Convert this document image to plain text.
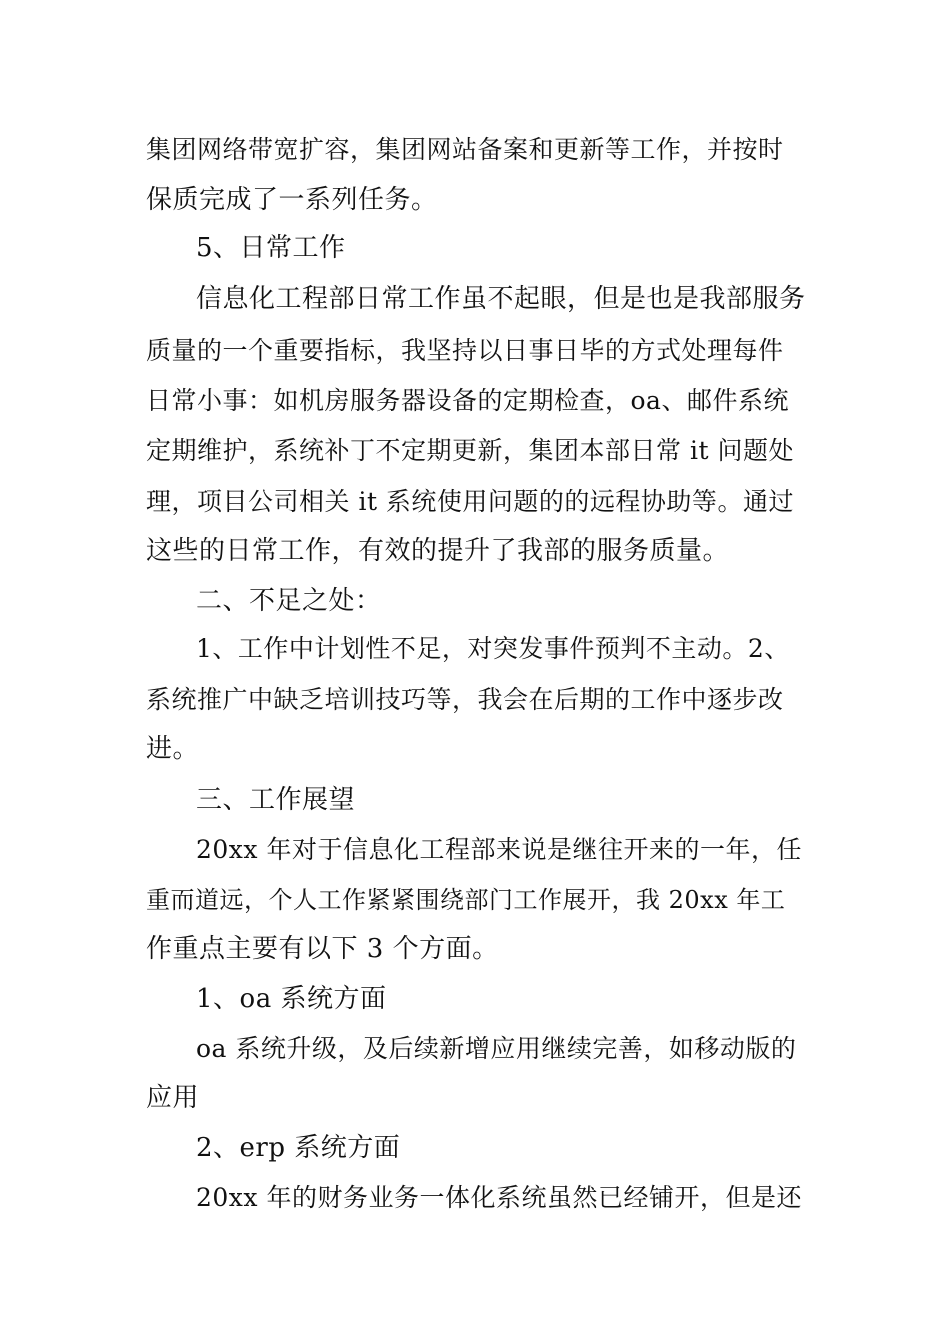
集团网络带宽扩容，集团网站备案和更新等工作，并按时
保质完成了一系列任务。
5、日常工作
信息化工程部日常工作虽不起眼，但是也是我部服务
质量的一个重要指标，我坚持以日事日毕的方式处理每件
日常小事：如机房服务器设备的定期检查，oa、邮件系统
定期维护，系统补丁不定期更新，集团本部日常 it 问题处
理，项目公司相关 it 系统使用问题的的远程协助等。通过
这些的日常工作，有效的提升了我部的服务质量。
二、不足之处：
1、工作中计划性不足，对突发事件预判不主动。2、
系统推广中缺乏培训技巧等，我会在后期的工作中逐步改
进。
三、工作展望
20xx 年对于信息化工程部来说是继往开来的一年，任
重而道远，个人工作紧紧围绕部门工作展开，我 20xx 年工
作重点主要有以下 3 个方面。
1、oa 系统方面
oa 系统升级，及后续新增应用继续完善，如移动版的
应用
2、erp 系统方面
20xx 年的财务业务一体化系统虽然已经铺开，但是还
